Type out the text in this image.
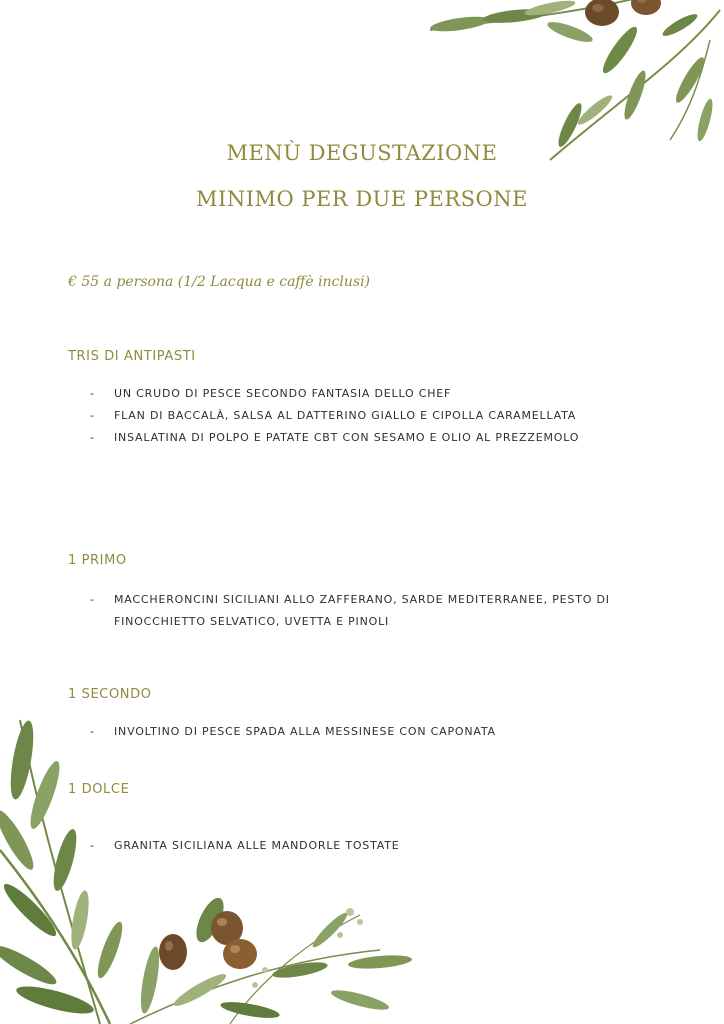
MENÙ DEGUSTAZIONE
MINIMO PER DUE PERSONE
€ 55 a persona (1/2 Lacqua e caffè inclusi)
TRIS DI ANTIPASTI
- UN CRUDO DI PESCE SECONDO FANTASIA DELLO CHEF
- FLAN DI BACCALÀ, SALSA AL DATTERINO GIALLO E CIPOLLA CARAMELLATA
- INSALATINA DI POLPO E PATATE CBT CON SESAMO E OLIO AL PREZZEMOLO
1 PRIMO
- MACCHERONCINI SICILIANI ALLO ZAFFERANO, SARDE MEDITERRANEE, PESTO DI FINOCCHIETTO SELVATICO, UVETTA E PINOLI
1 SECONDO
- INVOLTINO DI PESCE SPADA ALLA MESSINESE CON CAPONATA
1 DOLCE
- GRANITA SICILIANA ALLE MANDORLE TOSTATE
